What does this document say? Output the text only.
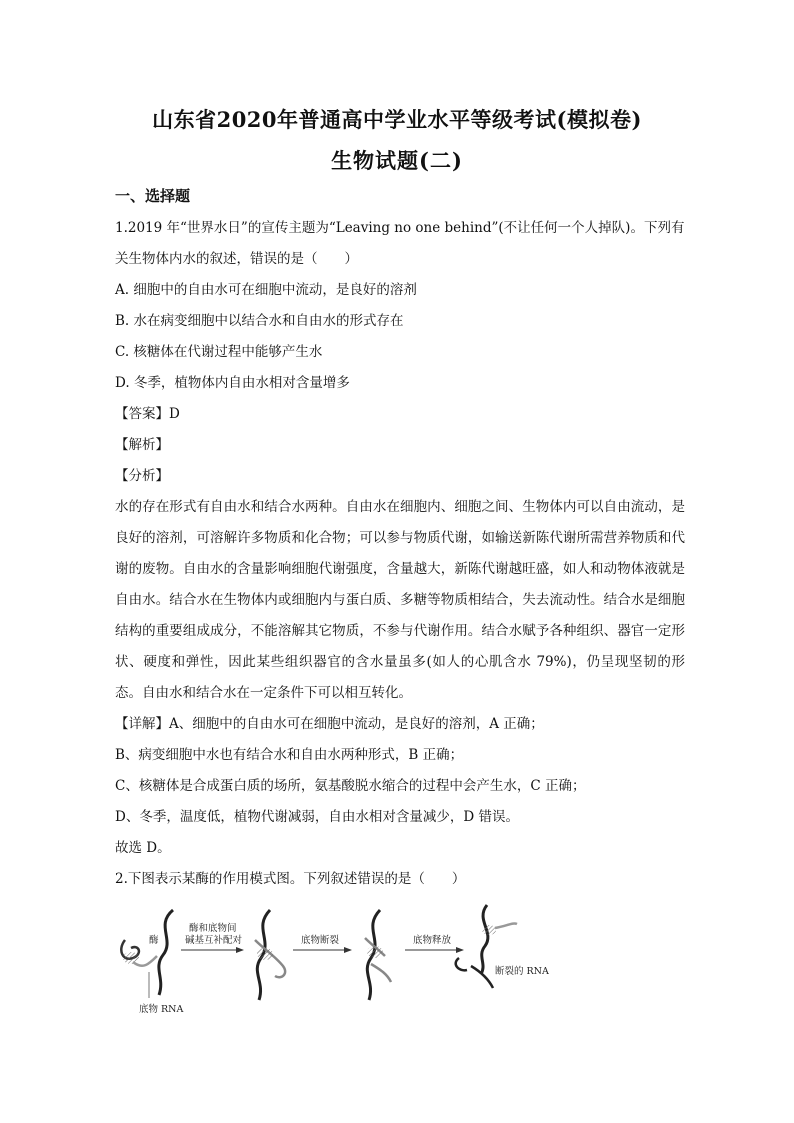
山东省2020年普通高中学业水平等级考试(模拟卷)
生物试题(二)
一、选择题

1.2019 年“世界水日”的宣传主题为“Leaving no one behind”(不让任何一个人掉队)。下列有

关生物体内水的叙述，错误的是（　　）

A. 细胞中的自由水可在细胞中流动，是良好的溶剂

B. 水在病变细胞中以结合水和自由水的形式存在

C. 核糖体在代谢过程中能够产生水

D. 冬季，植物体内自由水相对含量增多

【答案】D

【解析】

【分析】

水的存在形式有自由水和结合水两种。自由水在细胞内、细胞之间、生物体内可以自由流动，是良好的溶剂，可溶解许多物质和化合物；可以参与物质代谢，如输送新陈代谢所需营养物质和代谢的废物。自由水的含量影响细胞代谢强度，含量越大，新陈代谢越旺盛，如人和动物体液就是自由水。结合水在生物体内或细胞内与蛋白质、多糖等物质相结合，失去流动性。结合水是细胞结构的重要组成成分，不能溶解其它物质，不参与代谢作用。结合水赋予各种组织、器官一定形状、硬度和弹性，因此某些组织器官的含水量虽多(如人的心肌含水 79%)，仍呈现坚韧的形态。自由水和结合水在一定条件下可以相互转化。

【详解】A、细胞中的自由水可在细胞中流动，是良好的溶剂，A 正确；

B、病变细胞中水也有结合水和自由水两种形式，B 正确；

C、核糖体是合成蛋白质的场所，氨基酸脱水缩合的过程中会产生水，C 正确；

D、冬季，温度低，植物代谢减弱，自由水相对含量减少，D 错误。

故选 D。

2.下图表示某酶的作用模式图。下列叙述错误的是（　　）

酶
酶和底物间
碱基互补配对	底物断裂	底物释放
断裂的 RNA
底物 RNA
